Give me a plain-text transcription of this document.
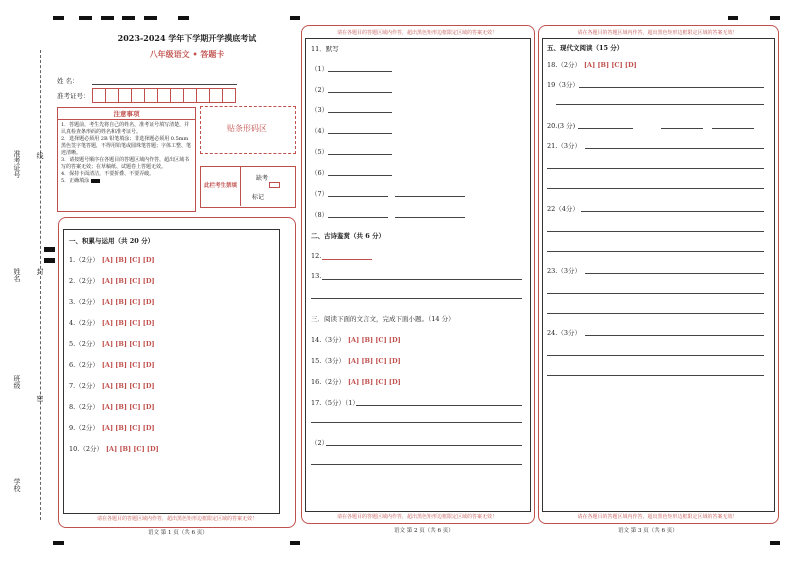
准考证号 线
姓名 封
班级
密
学校
2023-2024 学年下学期开学摸底考试
八年级语文 • 答题卡
姓 名：
准考证号：
注意事项

1．答题前，考生先将自己的姓名，准考证号填写清楚，并认真检查条形码的姓名和准考证号。

2．选择题必须用 2B 铅笔填涂；非选择题必须用 0.5mm 黑色签字笔答题，不得用铅笔或圆珠笔答题；字体工整、笔迹清晰。

3．请按题号顺序在各题目的答题区域内作答，超出区域书写的答案无效；在草稿纸、试题卷上答题无效。

4．保持卡面清洁，不要折叠、不要弄破。

5．正确填涂

贴条形码区
此栏考生禁填
缺考
标记
一、积累与运用（共 20 分）
1.（2分） [A] [B] [C] [D]
2.（2分） [A] [B] [C] [D]
3.（2分） [A] [B] [C] [D]
4.（2分） [A] [B] [C] [D]
5.（2分） [A] [B] [C] [D]
6.（2分） [A] [B] [C] [D]
7.（2分） [A] [B] [C] [D]
8.（2分） [A] [B] [C] [D]
9.（2分） [A] [B] [C] [D]
10.（2分） [A] [B] [C] [D]
请在各题目的答题区域内作答，超出黑色矩形边框限定区域的答案无效！
语文 第 1 页（共 6 页）
请在各题目的答题区域内作答，超出黑色矩形边框限定区域的答案无效！
11．默写
（1）
（2）
（3）
（4）
（5）
（6）
（7）
（8）
二、古诗鉴赏（共 6 分）
12.
13.
三．阅读下面的文言文，完成下面小题。（14 分）
14.（3分） [A] [B] [C] [D]
15.（3分） [A] [B] [C] [D]
16.（2分） [A] [B] [C] [D]
17.（5分）（1）
（2）
请在各题目的答题区域内作答，超出黑色矩形边框限定区域的答案无效！
语文 第 2 页（共 6 页）
请在各题目的答题区域内作答，超出黑色矩形边框限定区域的答案无效！
五、现代文阅读（15 分）
18.（2分） [A] [B] [C] [D]
19（3分）
20.(3 分)
21.（3分）
22（4分）
23.（3分）
24.（3分）
请在各题目的答题区域内作答，超出黑色矩形边框限定区域的答案无效！
语文 第 3 页（共 6 页）
